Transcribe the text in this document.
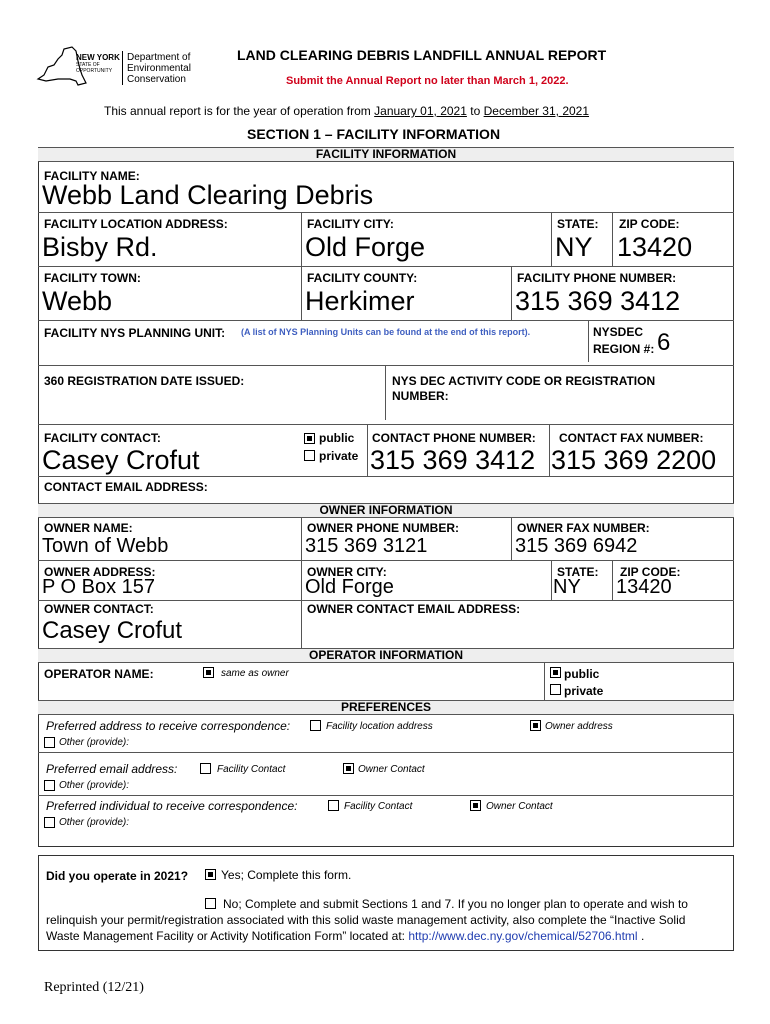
NEW YORK
STATE OF
OPPORTUNITY
Department of
Environmental
Conservation
LAND CLEARING DEBRIS LANDFILL ANNUAL REPORT
Submit the Annual Report no later than March 1, 2022.
This annual report is for the year of operation from January 01, 2021 to December 31, 2021
SECTION 1 – FACILITY INFORMATION
FACILITY INFORMATION
FACILITY NAME:
Webb Land Clearing Debris
FACILITY LOCATION ADDRESS:	FACILITY CITY:	STATE: ZIP CODE:
Bisby Rd.	Old Forge	NY 13420
FACILITY TOWN:	FACILITY COUNTY:	FACILITY PHONE NUMBER:
Webb	Herkimer	315 369 3412
FACILITY NYS PLANNING UNIT: (A list of NYS Planning Units can be found at the end of this report).	NYSDEC
REGION #: 6
360 REGISTRATION DATE ISSUED:	NYS DEC ACTIVITY CODE OR REGISTRATION
NUMBER:
FACILITY CONTACT:
Casey Crofut
public
private
CONTACT PHONE NUMBER:
315 369 3412
CONTACT FAX NUMBER:
315 369 2200
CONTACT EMAIL ADDRESS:
OWNER INFORMATION
OWNER NAME:	OWNER PHONE NUMBER:	OWNER FAX NUMBER:
Town of Webb	315 369 3121	315 369 6942
OWNER ADDRESS:	OWNER CITY:	STATE: ZIP CODE:
P O Box 157	Old Forge	NY 13420
OWNER CONTACT:	OWNER CONTACT EMAIL ADDRESS:
Casey Crofut
OPERATOR INFORMATION
OPERATOR NAME:	same as owner	public
private
PREFERENCES
Preferred address to receive correspondence:	Facility location address	Owner address
Other (provide):
Preferred email address:	Facility Contact	Owner Contact
Other (provide):
Preferred individual to receive correspondence:	Facility Contact	Owner Contact
Other (provide):
Did you operate in 2021?	Yes; Complete this form.
No; Complete and submit Sections 1 and 7. If you no longer plan to operate and wish to
relinquish your permit/registration associated with this solid waste management activity, also complete the “Inactive Solid
Waste Management Facility or Activity Notification Form” located at: http://www.dec.ny.gov/chemical/52706.html .
Reprinted (12/21)
